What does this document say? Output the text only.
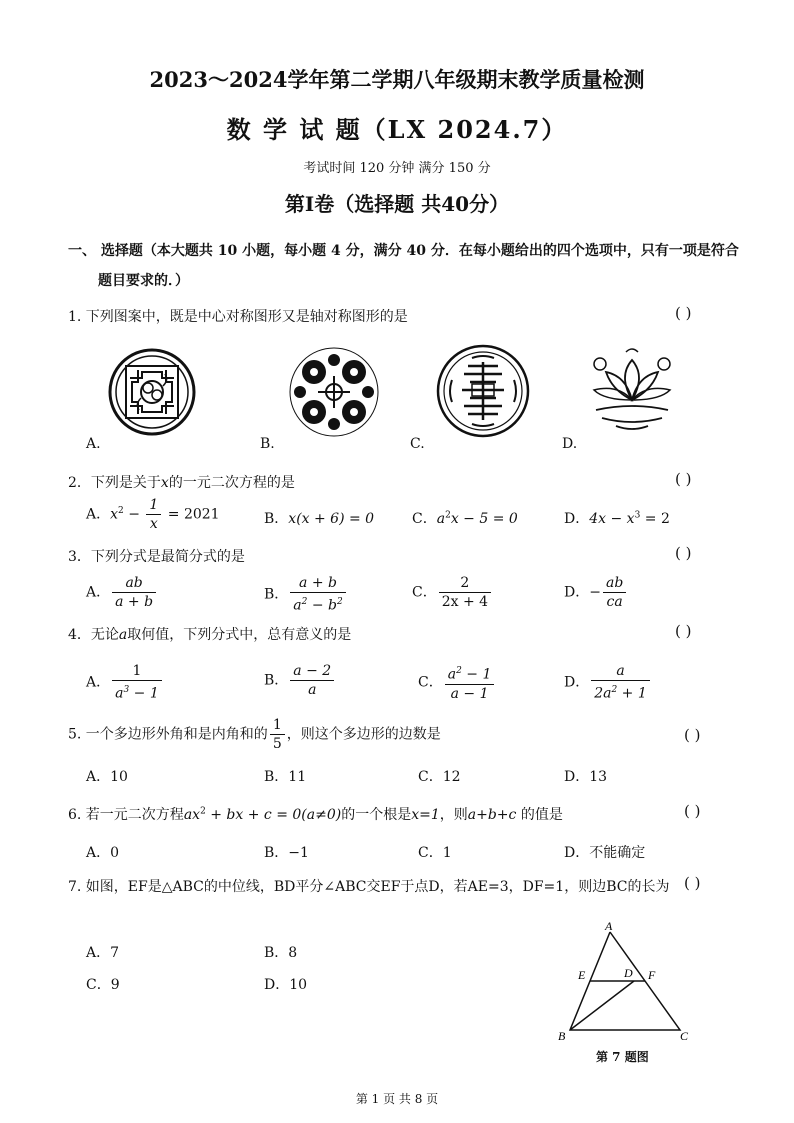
2023～2024学年第二学期八年级期末教学质量检测
数 学 试 题（LX 2024.7）
考试时间 120 分钟 满分 150 分
第Ⅰ卷（选择题 共40分）
一、 选择题（本大题共 10 小题，每小题 4 分，满分 40 分．在每小题给出的四个选项中，只有一项是符合
题目要求的．）
1. 下列图案中，既是中心对称图形又是轴对称图形的是	( )
A.	B.	C.	D.
2．下列是关于x的一元二次方程的是	( )
A．$x^2 - \frac{1}{x} = 2021$	B．x(x + 6) = 0	C．$a^2x - 5 = 0$	D．$4x - x^3 = 2$
3．下列分式是最简分式的是	( )
A． $\frac{ab}{a + b}$	B． $\frac{a + b}{a^2 - b^2}$	C． $\frac{2}{2x + 4}$	D．− $\frac{ab}{ca}$
4．无论a取何值，下列分式中，总有意义的是	( )
A． $\frac{1}{a^3 - 1}$	B． $\frac{a - 2}{a}$	C． $\frac{a^2 - 1}{a - 1}$	D． $\frac{a}{2a^2 + 1}$
5. 一个多边形外角和是内角和的 $\frac{1}{5}$ ，则这个多边形的边数是	( )
A．10	B．11	C．12	D．13
6. 若一元二次方程$ax^2$ + bx + c = 0(a≠0)的一个根是x=1，则a+b+c 的值是	( )
A．0	B．−1	C．1	D．不能确定
7. 如图，EF是△ABC的中位线，BD平分∠ABC交EF于点D，若AE=3，DF=1，则边BC的长为 ( )
A．7	B．8
C．9	D．10
A
B	C
D
E	F
第 7 题图
第 1 页 共 8 页
